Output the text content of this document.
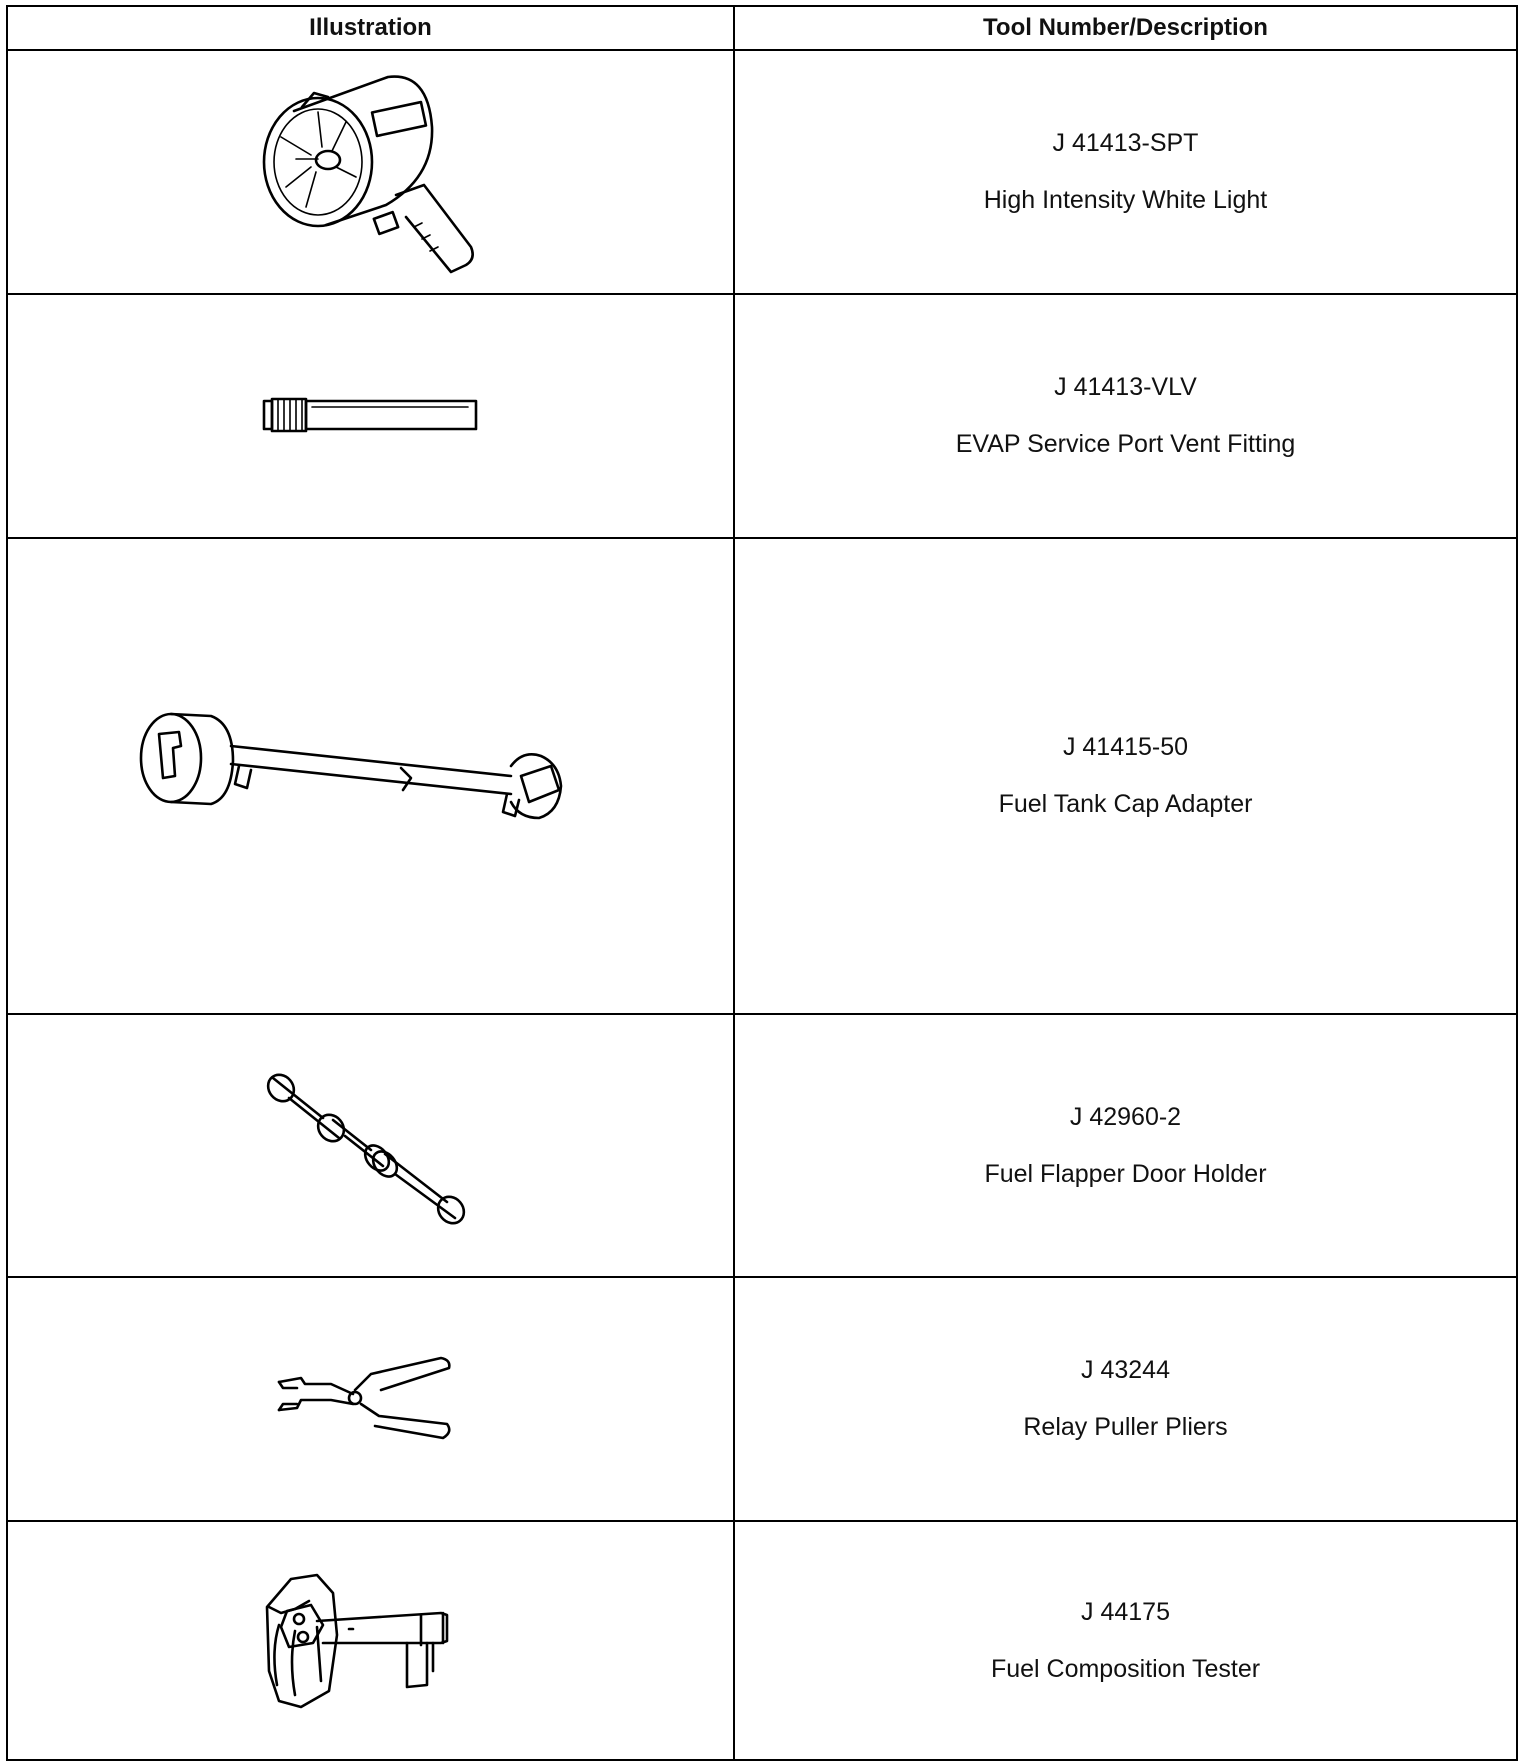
Illustration	Tool Number/Description

J 41413-SPT
High Intensity White Light

J 41413-VLV
EVAP Service Port Vent Fitting

J 41415-50
Fuel Tank Cap Adapter

J 42960-2
Fuel Flapper Door Holder

J 43244
Relay Puller Pliers

J 44175
Fuel Composition Tester
